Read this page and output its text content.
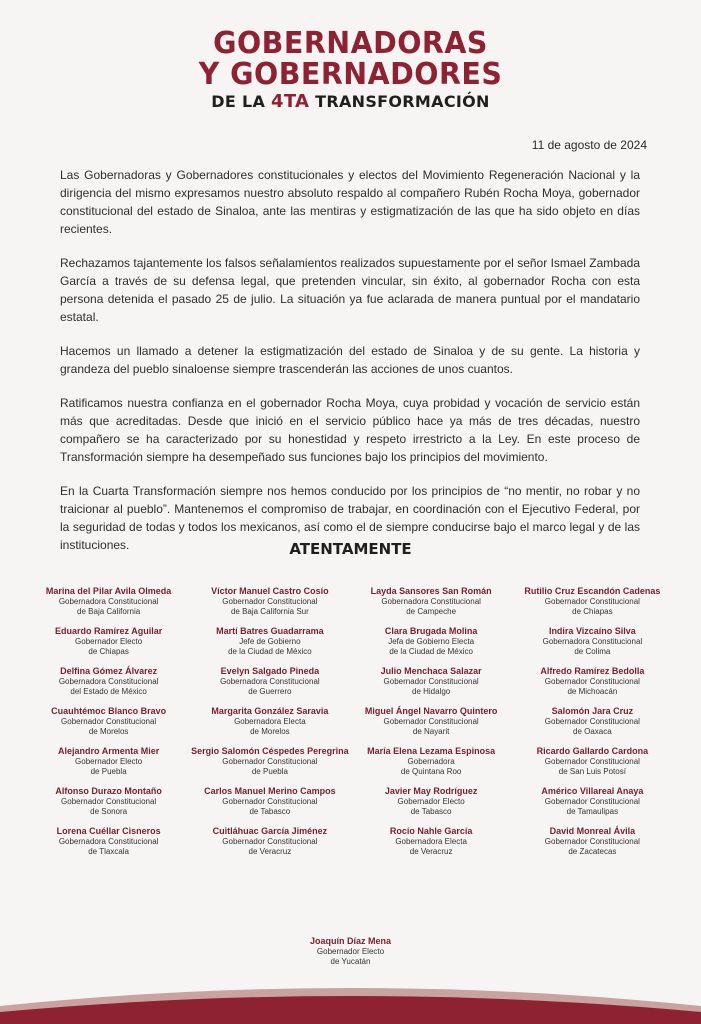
GOBERNADORAS
Y GOBERNADORES
DE LA 4TA TRANSFORMACIÓN
11 de agosto de 2024

Las Gobernadoras y Gobernadores constitucionales y electos del Movimiento Regeneración Nacional y la dirigencia del mismo expresamos nuestro absoluto respaldo al compañero Rubén Rocha Moya, gobernador constitucional del estado de Sinaloa, ante las mentiras y estigmatización de las que ha sido objeto en días recientes.

Rechazamos tajantemente los falsos señalamientos realizados supuestamente por el señor Ismael Zambada García a través de su defensa legal, que pretenden vincular, sin éxito, al gobernador Rocha con esta persona detenida el pasado 25 de julio. La situación ya fue aclarada de manera puntual por el mandatario estatal.

Hacemos un llamado a detener la estigmatización del estado de Sinaloa y de su gente. La historia y grandeza del pueblo sinaloense siempre trascenderán las acciones de unos cuantos.

Ratificamos nuestra confianza en el gobernador Rocha Moya, cuya probidad y vocación de servicio están más que acreditadas. Desde que inició en el servicio público hace ya más de tres décadas, nuestro compañero se ha caracterizado por su honestidad y respeto irrestricto a la Ley. En este proceso de Transformación siempre ha desempeñado sus funciones bajo los principios del movimiento.

En la Cuarta Transformación siempre nos hemos conducido por los principios de “no mentir, no robar y no traicionar al pueblo”. Mantenemos el compromiso de trabajar, en coordinación con el Ejecutivo Federal, por la seguridad de todas y todos los mexicanos, así como el de siempre conducirse bajo el marco legal y de las instituciones.	ATENTAMENTE
Marina del Pilar Avila Olmeda
Gobernadora Constitucional
de Baja California
Víctor Manuel Castro Cosío
Gobernador Constitucional
de Baja California Sur
Layda Sansores San Román
Gobernadora Constitucional
de Campeche
Rutilio Cruz Escandón Cadenas
Gobernador Constitucional
de Chiapas
Eduardo Ramírez Aguilar
Gobernador Electo
de Chiapas
Martí Batres Guadarrama
Jefe de Gobierno
de la Ciudad de México
Clara Brugada Molina
Jefa de Gobierno Electa
de la Ciudad de México
Indira Vizcaíno Silva
Gobernadora Constitucional
de Colima
Delfina Gómez Álvarez
Gobernadora Constitucional
del Estado de México
Evelyn Salgado Pineda
Gobernadora Constitucional
de Guerrero
Julio Menchaca Salazar
Gobernador Constitucional
de Hidalgo
Alfredo Ramírez Bedolla
Gobernador Constitucional
de Michoacán
Cuauhtémoc Blanco Bravo
Gobernador Constitucional
de Morelos
Margarita González Saravia
Gobernadora Electa
de Morelos
Miguel Ángel Navarro Quintero
Gobernador Constitucional
de Nayarit
Salomón Jara Cruz
Gobernador Constitucional
de Oaxaca
Alejandro Armenta Mier
Gobernador Electo
de Puebla
Sergio Salomón Céspedes Peregrina
Gobernador Constitucional
de Puebla
María Elena Lezama Espinosa
Gobernadora
de Quintana Roo
Ricardo Gallardo Cardona
Gobernador Constitucional
de San Luis Potosí
Alfonso Durazo Montaño
Gobernador Constitucional
de Sonora
Carlos Manuel Merino Campos
Gobernador Constitucional
de Tabasco
Javier May Rodríguez
Gobernador Electo
de Tabasco
Américo Villareal Anaya
Gobernador Constitucional
de Tamaulipas
Lorena Cuéllar Cisneros
Gobernadora Constitucional
de Tlaxcala
Cuitláhuac García Jiménez
Gobernador Constitucional
de Veracruz
Rocío Nahle García
Gobernadora Electa
de Veracruz
David Monreal Ávila
Gobernador Constitucional
de Zacatecas
Joaquín Díaz Mena
Gobernador Electo
de Yucatán
